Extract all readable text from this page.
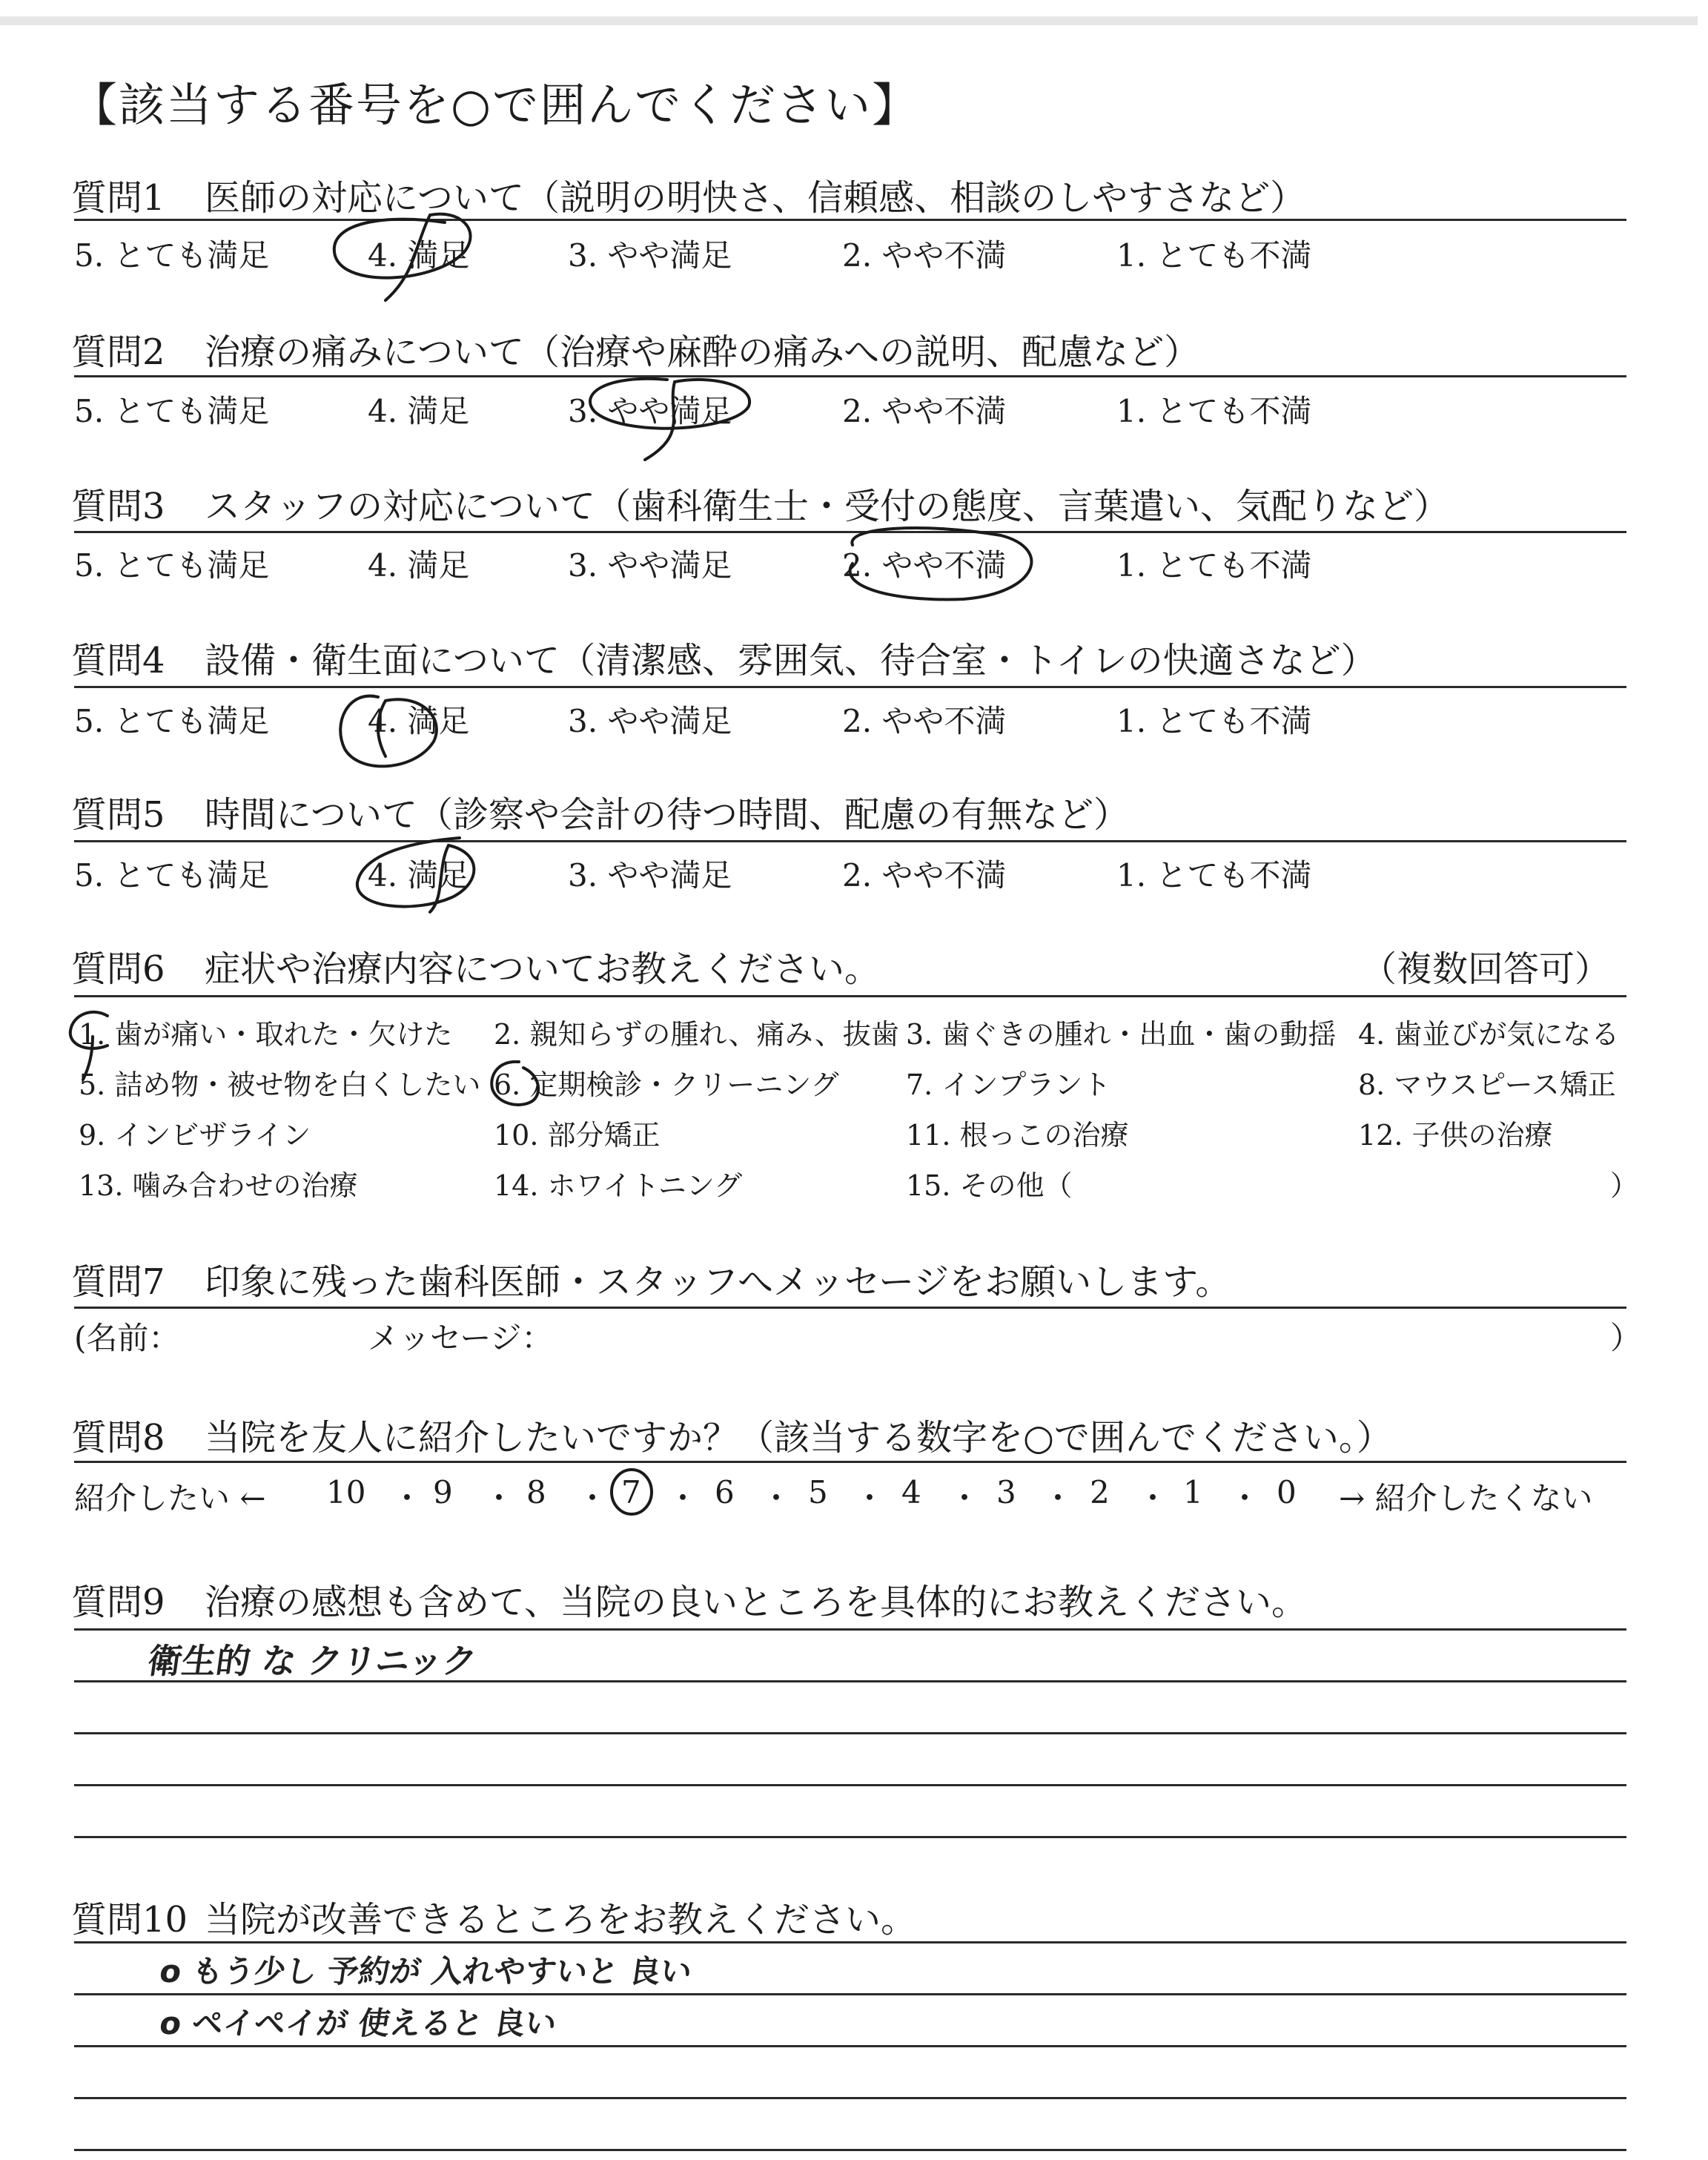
【該当する番号を○で囲んでください】
質問1 医師の対応について（説明の明快さ、信頼感、相談のしやすさなど）
5. とても満足	4. 満足	3. やや満足	2. やや不満	1. とても不満
質問2 治療の痛みについて（治療や麻酔の痛みへの説明、配慮など）
5. とても満足	4. 満足	3. やや満足	2. やや不満	1. とても不満
質問3 スタッフの対応について（歯科衛生士・受付の態度、言葉遣い、気配りなど）
5. とても満足	4. 満足	3. やや満足	2. やや不満	1. とても不満
質問4 設備・衛生面について（清潔感、雰囲気、待合室・トイレの快適さなど）
5. とても満足	4. 満足	3. やや満足	2. やや不満	1. とても不満
質問5 時間について（診察や会計の待つ時間、配慮の有無など）
5. とても満足	4. 満足	3. やや満足	2. やや不満	1. とても不満
質問6 症状や治療内容についてお教えください。	（複数回答可）
1. 歯が痛い・取れた・欠けた 2. 親知らずの腫れ、痛み、抜歯 3. 歯ぐきの腫れ・出血・歯の動揺 4. 歯並びが気になる
5. 詰め物・被せ物を白くしたい 6. 定期検診・クリーニング 7. インプラント	8. マウスピース矯正
9. インビザライン	10. 部分矯正	11. 根っこの治療	12. 子供の治療
13. 噛み合わせの治療	14. ホワイトニング	15. その他（	）
質問7 印象に残った歯科医師・スタッフへメッセージをお願いします。
(名前：	メッセージ：	）
質問8 当院を友人に紹介したいですか？（該当する数字を○で囲んでください。）
紹介したい ← 10 ・ 9 ・ 8 ・ 7 ・ 6 ・ 5 ・ 4 ・ 3 ・ 2 ・ 1 ・ 0 → 紹介したくない
質問9 治療の感想も含めて、当院の良いところを具体的にお教えください。
衛生的 な クリニック
質問10 当院が改善できるところをお教えください。
o もう少し 予約が 入れやすいと 良い
o ペイペイが 使えると 良い
